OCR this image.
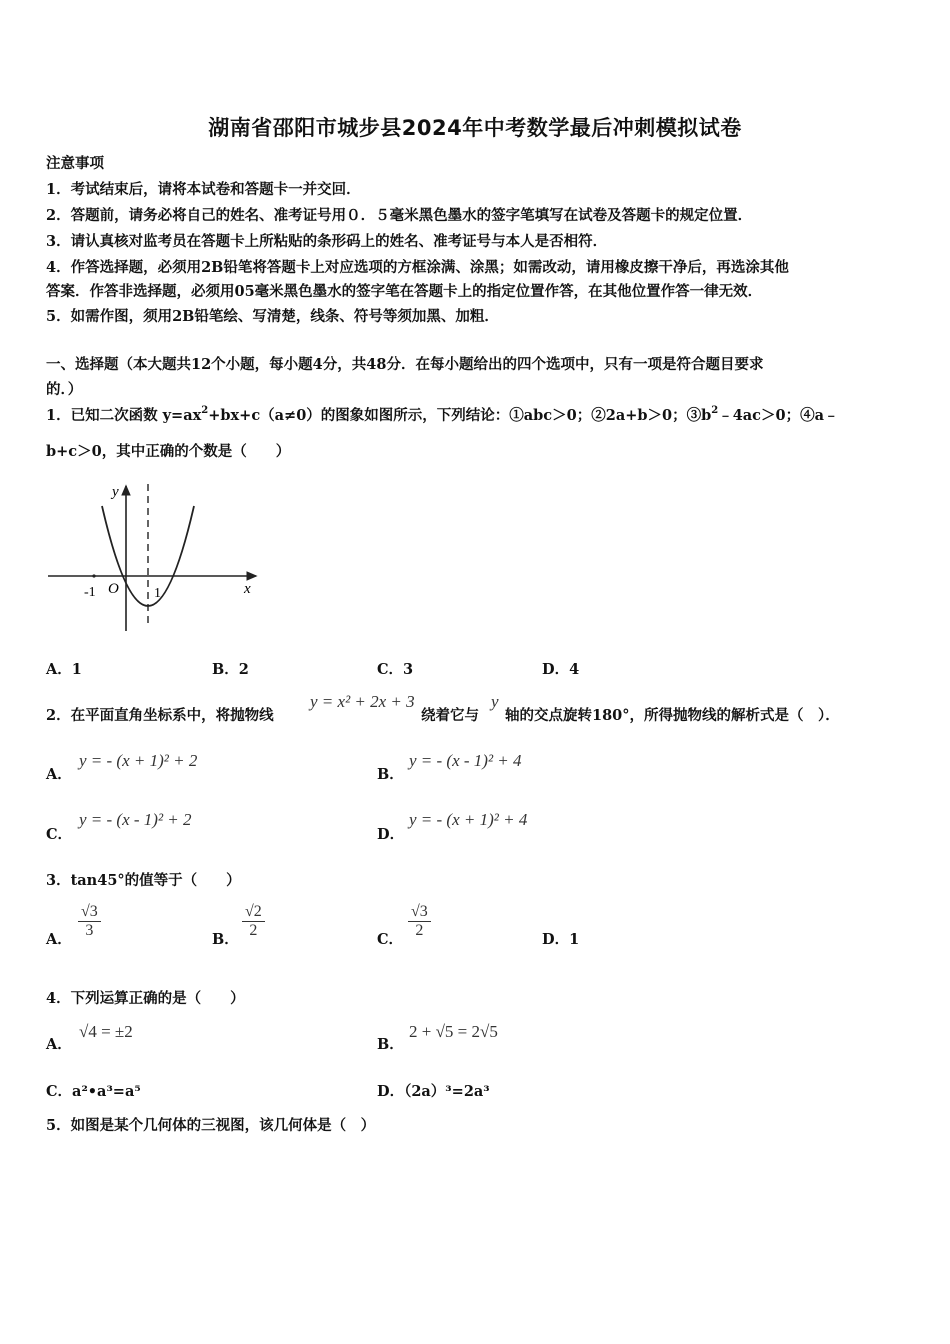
湖南省邵阳市城步县2024年中考数学最后冲刺模拟试卷
注意事项
1．考试结束后，请将本试卷和答题卡一并交回．
2．答题前，请务必将自己的姓名、准考证号用０．５毫米黑色墨水的签字笔填写在试卷及答题卡的规定位置．
3．请认真核对监考员在答题卡上所粘贴的条形码上的姓名、准考证号与本人是否相符．
4．作答选择题，必须用2B铅笔将答题卡上对应选项的方框涂满、涂黑；如需改动，请用橡皮擦干净后，再选涂其他
答案．作答非选择题，必须用05毫米黑色墨水的签字笔在答题卡上的指定位置作答，在其他位置作答一律无效．
5．如需作图，须用2B铅笔绘、写清楚，线条、符号等须加黑、加粗．
一、选择题（本大题共12个小题，每小题4分，共48分．在每小题给出的四个选项中，只有一项是符合题目要求
的．）
1．已知二次函数 $y=ax^2+bx+c(a\ne 0)$的图象如图所示，下列结论：①abc＞0；②2a+b＞0；$③b^2﹣4ac>0$；④a﹣
b+c＞0，其中正确的个数是（　　）
y
x
-1 O	1
A．1	B．2	C．3	D．4
2．在平面直角坐标系中，将抛物线
y = x² + 2x + 3
绕着它与
y
轴的交点旋转180°，所得抛物线的解析式是（　）．
A．
y = - (x + 1)² + 2
B．
y = - (x - 1)² + 4
C．
y = - (x - 1)² + 2
D．
y = - (x + 1)² + 4
3．tan45°的值等于（　　）
A． $\frac{√3}{3}$	B． $\frac{√2}{2}$	C． $\frac{√3}{2}$	D．1
4．下列运算正确的是（　　）
A．
√4 = ±2
B．
2 + √5 = 2√5
C．a²•a³=a⁵	D．（2a）³=2a³
5．如图是某个几何体的三视图，该几何体是（　）
